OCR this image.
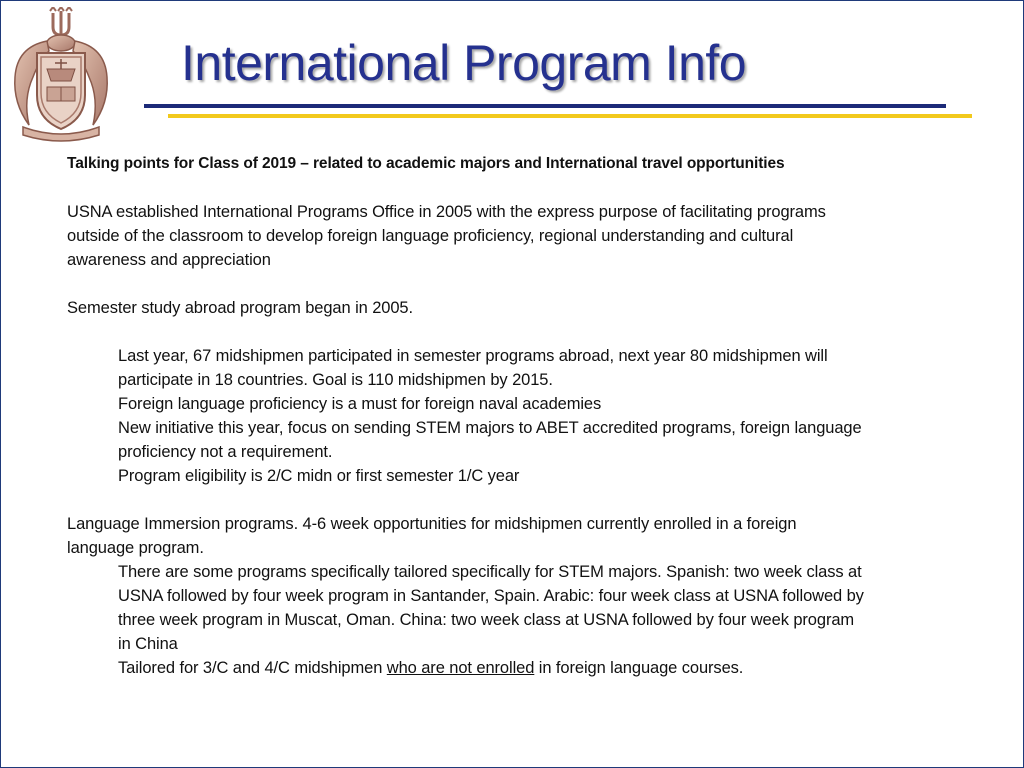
International Program Info

Talking points for Class of 2019 – related to academic majors and International travel opportunities

USNA established International Programs Office in 2005 with the express purpose of facilitating programs

outside of the classroom to develop foreign language proficiency, regional understanding and cultural

awareness and appreciation

Semester study abroad program began in 2005.

Last year, 67 midshipmen participated in semester programs abroad, next year 80 midshipmen will

participate in 18 countries. Goal is 110 midshipmen by 2015.

Foreign language proficiency is a must for foreign naval academies

New initiative this year, focus on sending STEM majors to ABET accredited programs, foreign language

proficiency not a requirement.

Program eligibility is 2/C midn or first semester 1/C year

Language Immersion programs. 4-6 week opportunities for midshipmen currently enrolled in a foreign

language program.

There are some programs specifically tailored specifically for STEM majors. Spanish: two week class at

USNA followed by four week program in Santander, Spain. Arabic: four week class at USNA followed by

three week program in Muscat, Oman. China: two week class at USNA followed by four week program

in China

Tailored for 3/C and 4/C midshipmen who are not enrolled in foreign language courses.
